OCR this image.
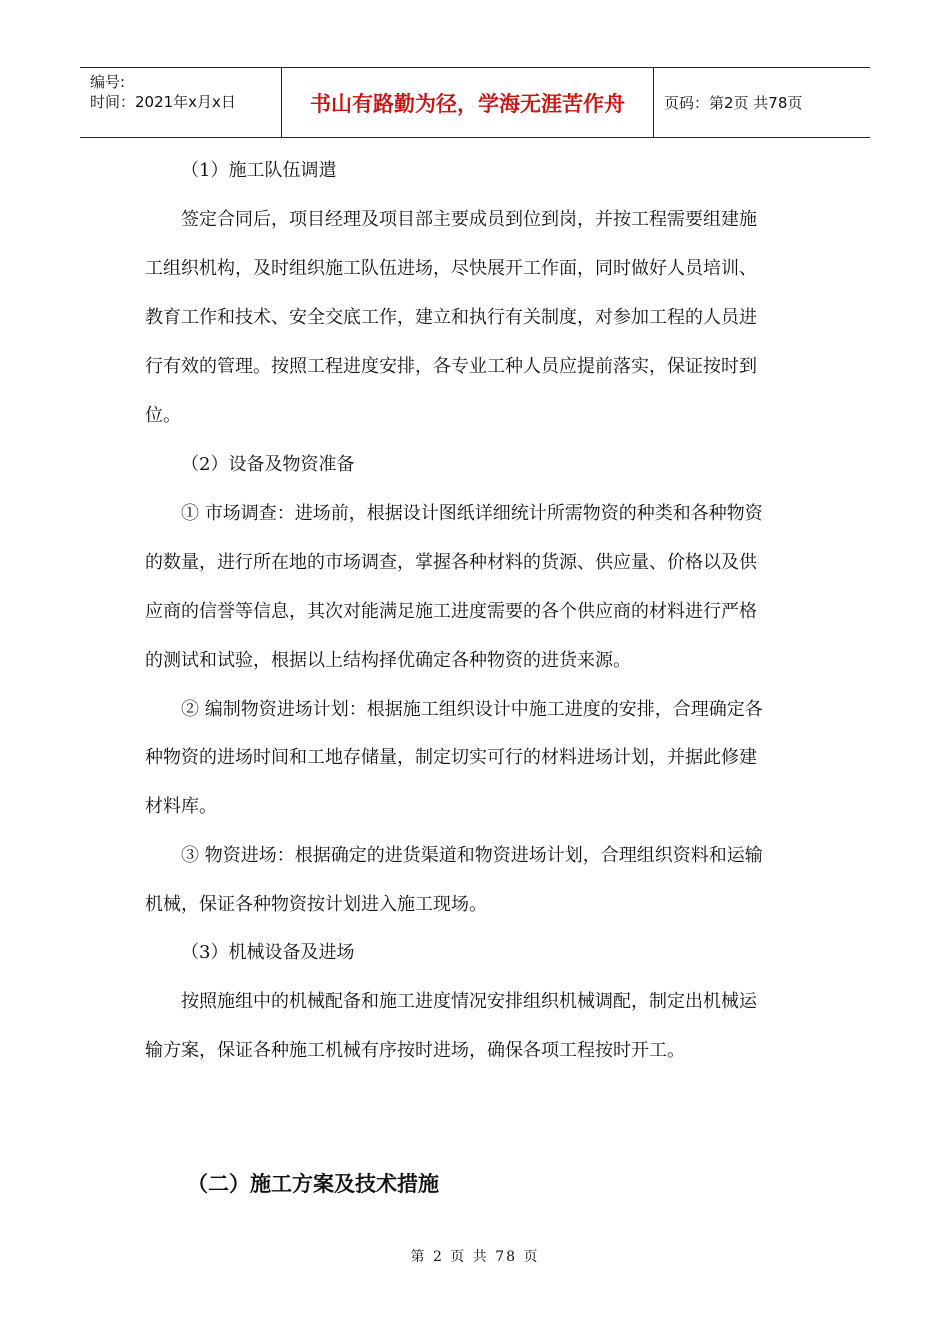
编号:
时间：2021年x月x日	书山有路勤为径，学海无涯苦作舟	页码：第2页 共78页
（1）施工队伍调遣
签定合同后，项目经理及项目部主要成员到位到岗，并按工程需要组建施
工组织机构，及时组织施工队伍进场，尽快展开工作面，同时做好人员培训、
教育工作和技术、安全交底工作，建立和执行有关制度，对参加工程的人员进
行有效的管理。按照工程进度安排，各专业工种人员应提前落实，保证按时到
位。
（2）设备及物资准备
① 市场调查：进场前，根据设计图纸详细统计所需物资的种类和各种物资
的数量，进行所在地的市场调查，掌握各种材料的货源、供应量、价格以及供
应商的信誉等信息，其次对能满足施工进度需要的各个供应商的材料进行严格
的测试和试验，根据以上结构择优确定各种物资的进货来源。
② 编制物资进场计划：根据施工组织设计中施工进度的安排，合理确定各
种物资的进场时间和工地存储量，制定切实可行的材料进场计划，并据此修建
材料库。
③ 物资进场：根据确定的进货渠道和物资进场计划，合理组织资料和运输
机械，保证各种物资按计划进入施工现场。
（3）机械设备及进场
按照施组中的机械配备和施工进度情况安排组织机械调配，制定出机械运
输方案，保证各种施工机械有序按时进场，确保各项工程按时开工。
（二）施工方案及技术措施
第 2 页 共 78 页
